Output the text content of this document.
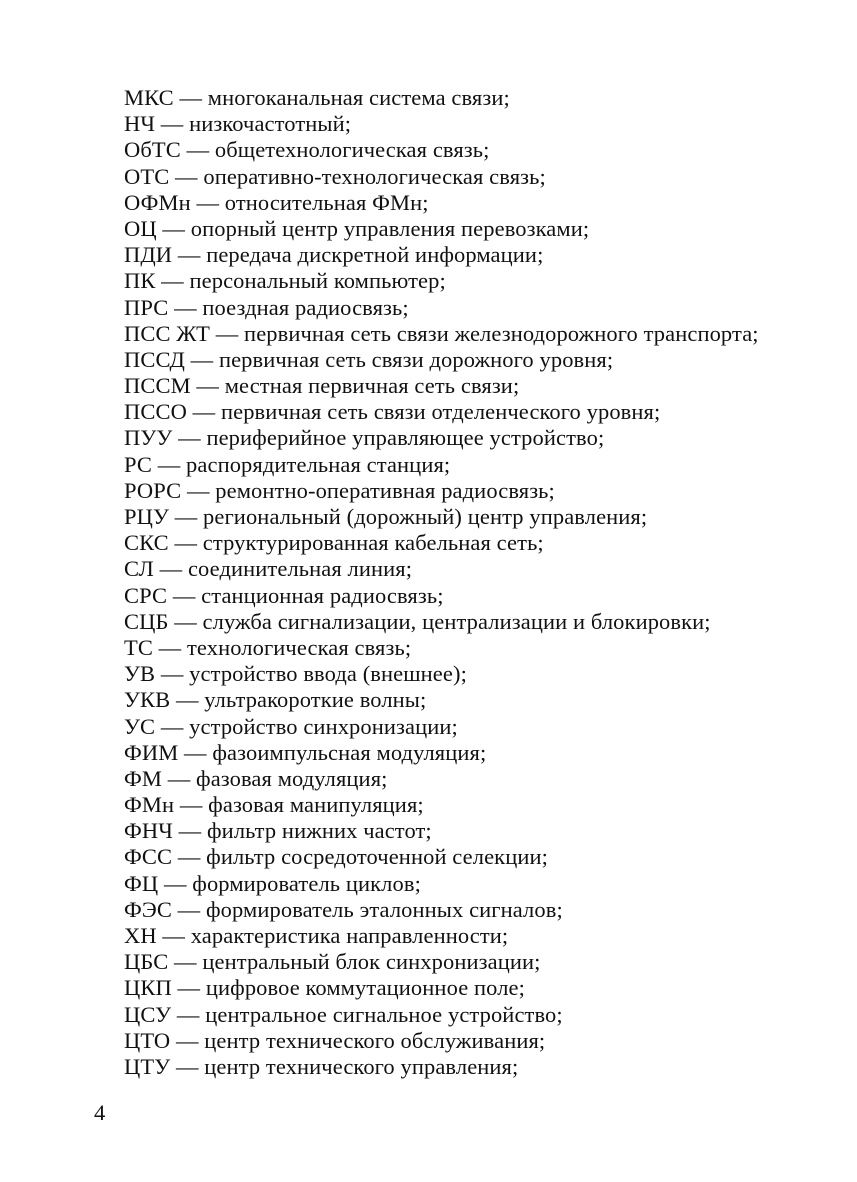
МКС — многоканальная система связи;
НЧ — низкочастотный;
ОбТС — общетехнологическая связь;
ОТС — оперативно-технологическая связь;
ОФМн — относительная ФМн;
ОЦ — опорный центр управления перевозками;
ПДИ — передача дискретной информации;
ПК — персональный компьютер;
ПРС — поездная радиосвязь;
ПСС ЖТ — первичная сеть связи железнодорожного транспорта;
ПССД — первичная сеть связи дорожного уровня;
ПССМ — местная первичная сеть связи;
ПССО — первичная сеть связи отделенческого уровня;
ПУУ — периферийное управляющее устройство;
РС — распорядительная станция;
РОРС — ремонтно-оперативная радиосвязь;
РЦУ — региональный (дорожный) центр управления;
СКС — структурированная кабельная сеть;
СЛ — соединительная линия;
СРС — станционная радиосвязь;
СЦБ — служба сигнализации, централизации и блокировки;
ТС — технологическая связь;
УВ — устройство ввода (внешнее);
УКВ — ультракороткие волны;
УС — устройство синхронизации;
ФИМ — фазоимпульсная модуляция;
ФМ — фазовая модуляция;
ФМн — фазовая манипуляция;
ФНЧ — фильтр нижних частот;
ФСС — фильтр сосредоточенной селекции;
ФЦ — формирователь циклов;
ФЭС — формирователь эталонных сигналов;
ХН — характеристика направленности;
ЦБС — центральный блок синхронизации;
ЦКП — цифровое коммутационное поле;
ЦСУ — центральное сигнальное устройство;
ЦТО — центр технического обслуживания;
ЦТУ — центр технического управления;
4
